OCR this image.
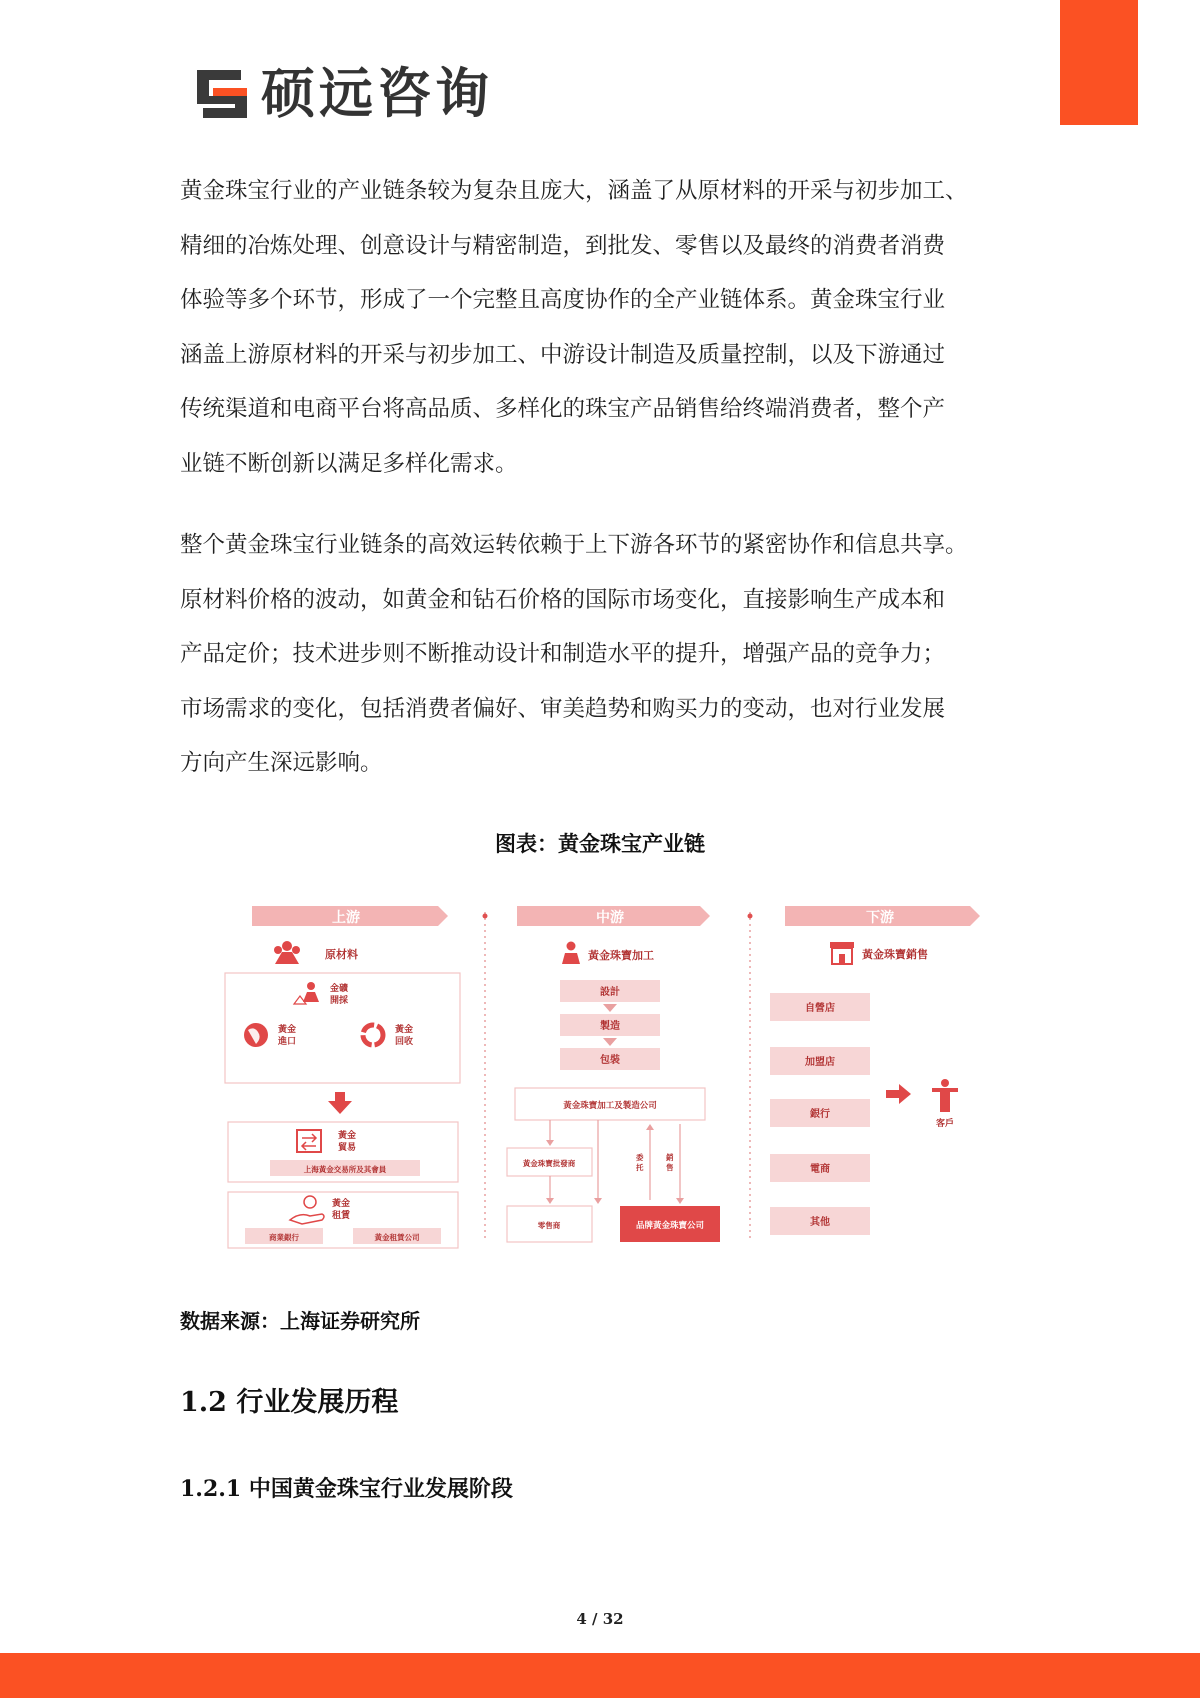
硕远咨询

黄金珠宝行业的产业链条较为复杂且庞大，涵盖了从原材料的开采与初步加工、

精细的冶炼处理、创意设计与精密制造，到批发、零售以及最终的消费者消费

体验等多个环节，形成了一个完整且高度协作的全产业链体系。黄金珠宝行业

涵盖上游原材料的开采与初步加工、中游设计制造及质量控制，以及下游通过

传统渠道和电商平台将高品质、多样化的珠宝产品销售给终端消费者，整个产

业链不断创新以满足多样化需求。

整个黄金珠宝行业链条的高效运转依赖于上下游各环节的紧密协作和信息共享。

原材料价格的波动，如黄金和钻石价格的国际市场变化，直接影响生产成本和

产品定价；技术进步则不断推动设计和制造水平的提升，增强产品的竞争力；

市场需求的变化，包括消费者偏好、审美趋势和购买力的变动，也对行业发展

方向产生深远影响。

图表：黄金珠宝产业链
上游
原材料
金礦
開採
黃金
進口
黃金
回收
黃金
貿易
上海黃金交易所及其會員
黃金
租賃
商業銀行	黃金租賃公司
中游
黃金珠寶加工
設計
製造
包裝
黃金珠寶加工及製造公司
委
托
銷
售
黃金珠寶批發商
零售商	品牌黃金珠寶公司
下游
黃金珠寶銷售
自營店
加盟店
銀行
電商
其他
客戶
数据来源：上海证券研究所
1.2 行业发展历程
1.2.1 中国黄金珠宝行业发展阶段
4 / 32
